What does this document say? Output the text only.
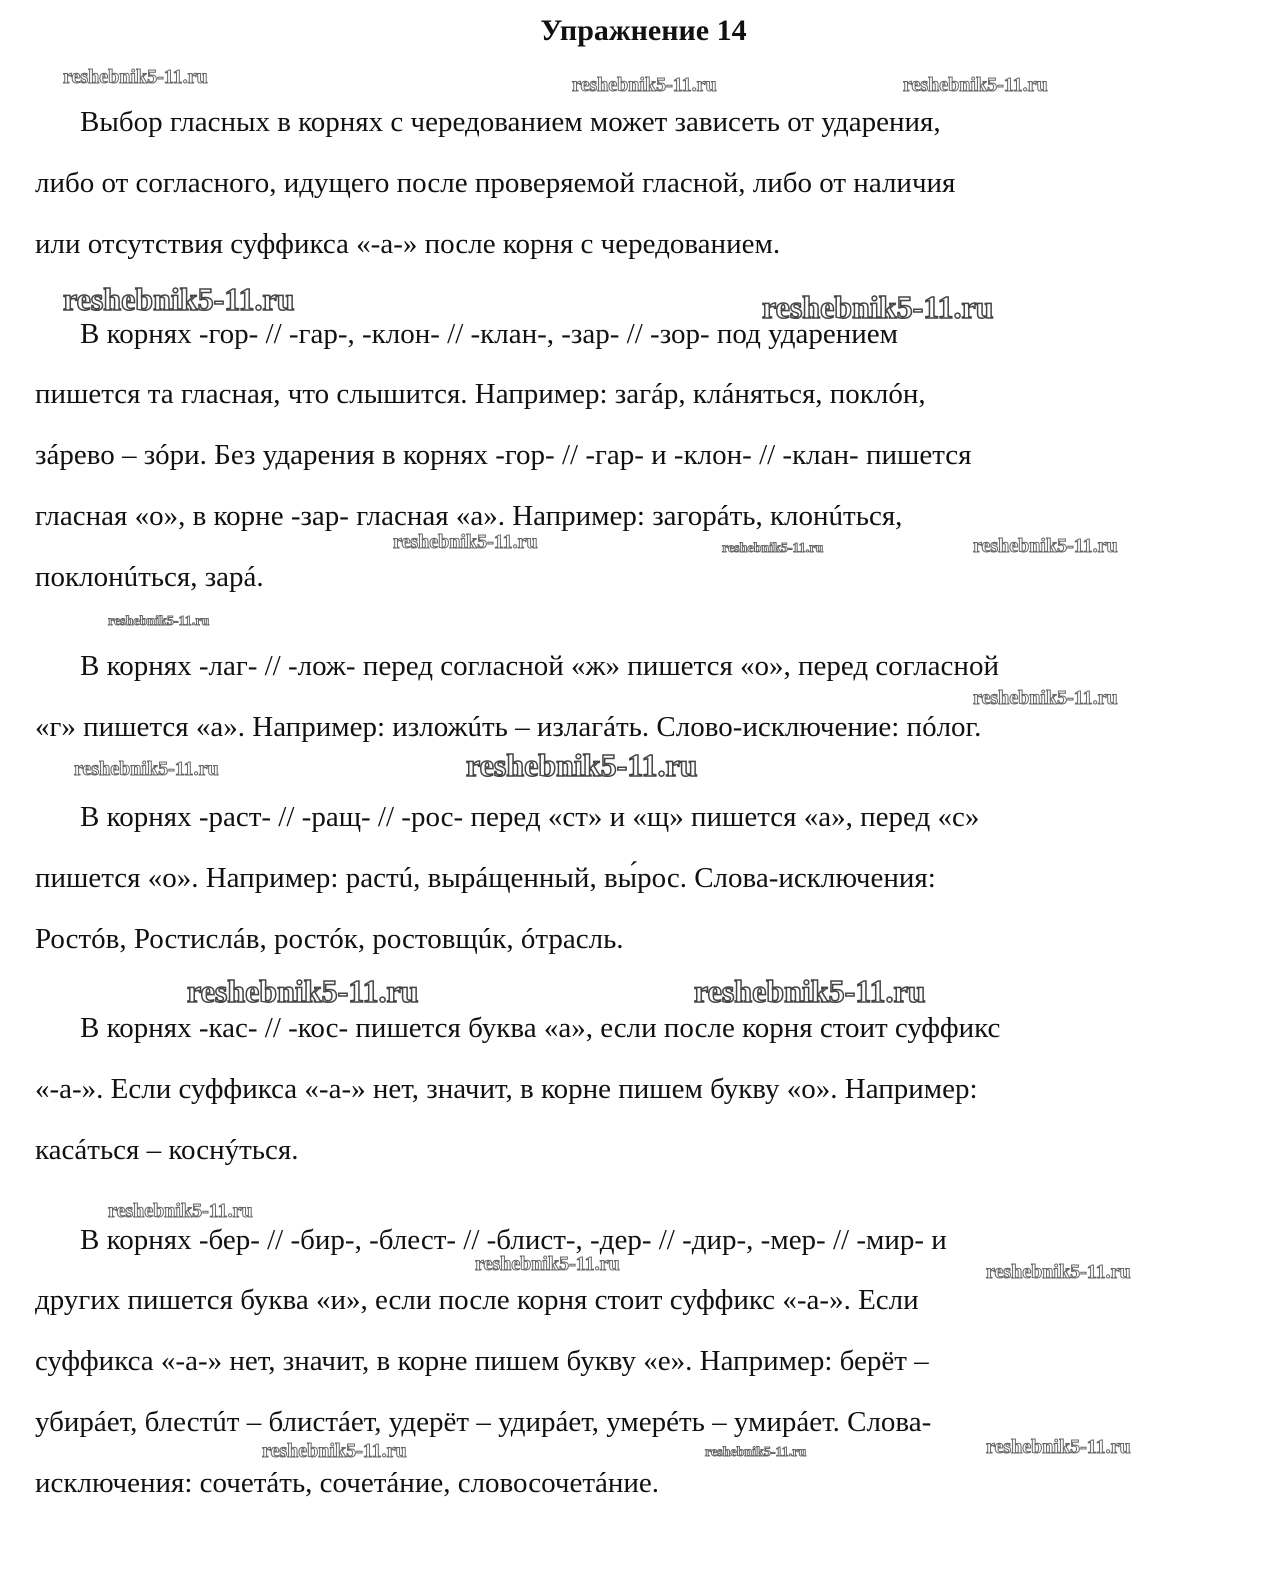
Упражнение 14
reshebnik5-11.ru	reshebnik5-11.ru	reshebnik5-11.ru
reshebnik5-11.ru	reshebnik5-11.ru
reshebnik5-11.ru	reshebnik5-11.ru	reshebnik5-11.ru
reshebnik5-11.ru
reshebnik5-11.ru
reshebnik5-11.ru	reshebnik5-11.ru
reshebnik5-11.ru	reshebnik5-11.ru
reshebnik5-11.ru
reshebnik5-11.ru	reshebnik5-11.ru
reshebnik5-11.ru	reshebnik5-11.ru	reshebnik5-11.ru
Выбор гласных в корнях с чередованием может зависеть от ударения,
либо от согласного, идущего после проверяемой гласной, либо от наличия
или отсутствия суффикса «-а-» после корня с чередованием.
В корнях -гор- // -гар-, -клон- // -клан-, -зар- // -зор- под ударением
пишется та гласная, что слышится. Например: загáр, клáняться, поклóн,
зáрево – зóри. Без ударения в корнях -гор- // -гар- и -клон- // -клан- пишется
гласная «о», в корне -зар- гласная «а». Например: загорáть, клонúться,
поклонúться, зарá.
В корнях -лаг- // -лож- перед согласной «ж» пишется «о», перед согласной
«г» пишется «а». Например: изложúть – излагáть. Слово-исключение: пóлог.
В корнях -раст- // -ращ- // -рос- перед «ст» и «щ» пишется «а», перед «с»
пишется «о». Например: растú, вырáщенный, вы́рос. Слова-исключения:
Ростóв, Ростислáв, ростóк, ростовщúк, óтрасль.
В корнях -кас- // -кос- пишется буква «а», если после корня стоит суффикс
«-а-». Если суффикса «-а-» нет, значит, в корне пишем букву «о». Например:
касáться – коснýться.
В корнях -бер- // -бир-, -блест- // -блист-, -дер- // -дир-, -мер- // -мир- и
других пишется буква «и», если после корня стоит суффикс «-а-». Если
суффикса «-а-» нет, значит, в корне пишем букву «е». Например: берёт –
убирáет, блестúт – блистáет, удерёт – удирáет, умерéть – умирáет. Слова-
исключения: сочетáть, сочетáние, словосочетáние.
